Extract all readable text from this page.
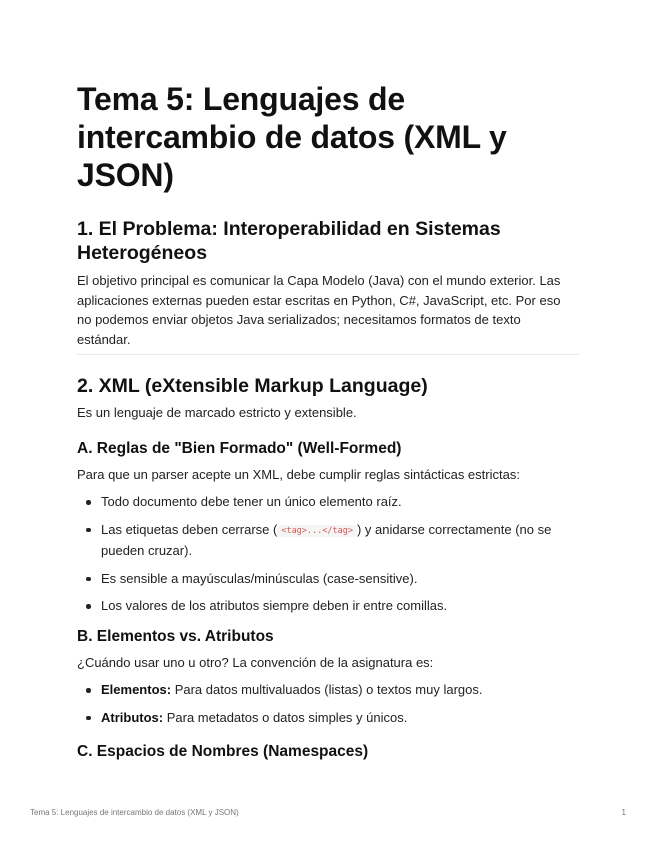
Tema 5: Lenguajes de intercambio de datos (XML y JSON)
1. El Problema: Interoperabilidad en Sistemas Heterogéneos

El objetivo principal es comunicar la Capa Modelo (Java) con el mundo exterior. Las aplicaciones externas pueden estar escritas en Python, C#, JavaScript, etc. Por eso no podemos enviar objetos Java serializados; necesitamos formatos de texto estándar.

2. XML (eXtensible Markup Language)

Es un lenguaje de marcado estricto y extensible.

A. Reglas de "Bien Formado" (Well-Formed)

Para que un parser acepte un XML, debe cumplir reglas sintácticas estrictas:

Todo documento debe tener un único elemento raíz.
Las etiquetas deben cerrarse ( <tag>...</tag> ) y anidarse correctamente (no se pueden cruzar).
Es sensible a mayúsculas/minúsculas (case-sensitive).
Los valores de los atributos siempre deben ir entre comillas.
B. Elementos vs. Atributos

¿Cuándo usar uno u otro? La convención de la asignatura es:

Elementos: Para datos multivaluados (listas) o textos muy largos.
Atributos: Para metadatos o datos simples y únicos.
C. Espacios de Nombres (Namespaces)
Tema 5: Lenguajes de intercambio de datos (XML y JSON)	1
